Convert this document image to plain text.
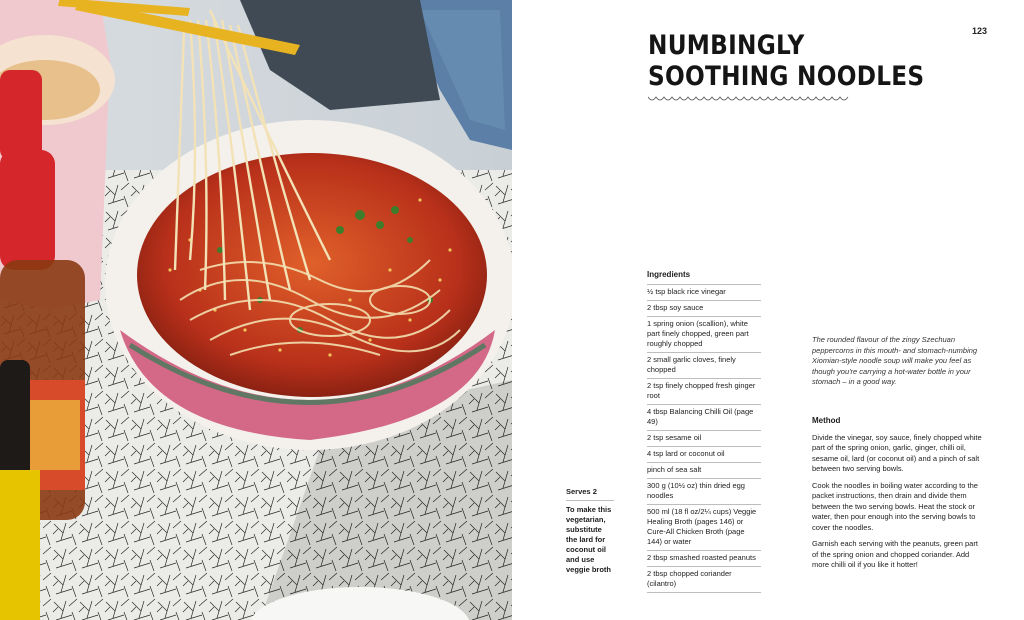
123
NUMBINGLY
SOOTHING NOODLES
Ingredients
½ tsp black rice vinegar
2 tbsp soy sauce
1 spring onion (scallion), white part finely chopped, green part roughly chopped
2 small garlic cloves, finely chopped
2 tsp finely chopped fresh ginger root
4 tbsp Balancing Chilli Oil (page 49)
2 tsp sesame oil
4 tsp lard or coconut oil
pinch of sea salt
300 g (10½ oz) thin dried egg noodles
500 ml (18 fl oz/2¼ cups) Veggie Healing Broth (pages 146) or Cure-All Chicken Broth (page 144) or water
2 tbsp smashed roasted peanuts
2 tbsp chopped coriander (cilantro)
Serves 2
To make this vegetarian, substitute the lard for coconut oil and use veggie broth
The rounded flavour of the zingy Szechuan peppercorns in this mouth- and stomach-numbing Xiomian-style noodle soup will make you feel as though you're carrying a hot-water bottle in your stomach – in a good way.
Method
Divide the vinegar, soy sauce, finely chopped white part of the spring onion, garlic, ginger, chilli oil, sesame oil, lard (or coconut oil) and a pinch of salt between two serving bowls.
Cook the noodles in boiling water according to the packet instructions, then drain and divide them between the two serving bowls. Heat the stock or water, then pour enough into the serving bowls to cover the noodles.
Garnish each serving with the peanuts, green part of the spring onion and chopped coriander. Add more chilli oil if you like it hotter!
